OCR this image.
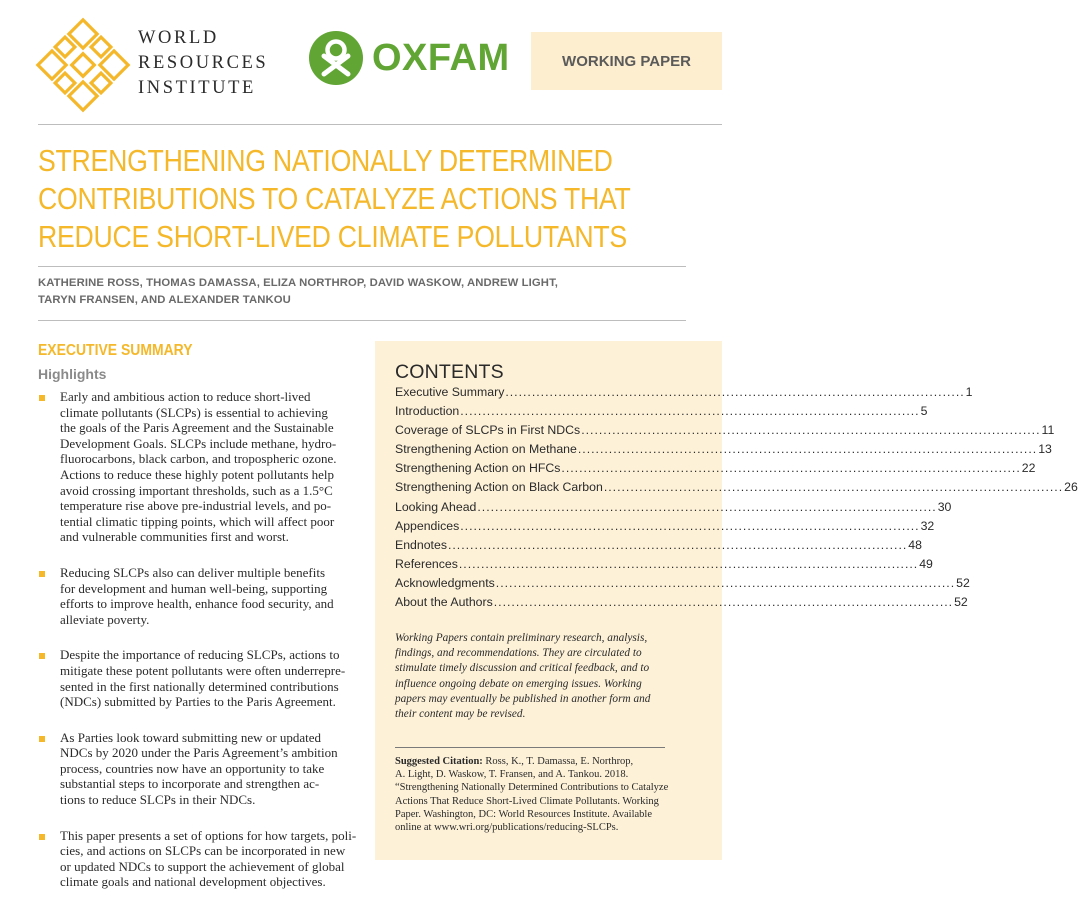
WORLD
RESOURCES
INSTITUTE
OXFAM	WORKING PAPER
STRENGTHENING NATIONALLY DETERMINED
CONTRIBUTIONS TO CATALYZE ACTIONS THAT
REDUCE SHORT-LIVED CLIMATE POLLUTANTS
KATHERINE ROSS, THOMAS DAMASSA, ELIZA NORTHROP, DAVID WASKOW, ANDREW LIGHT,
TARYN FRANSEN, AND ALEXANDER TANKOU
EXECUTIVE SUMMARY
Highlights
Early and ambitious action to reduce short-lived
climate pollutants (SLCPs) is essential to achieving
the goals of the Paris Agreement and the Sustainable
Development Goals. SLCPs include methane, hydro-
fluorocarbons, black carbon, and tropospheric ozone.
Actions to reduce these highly potent pollutants help
avoid crossing important thresholds, such as a 1.5°C
temperature rise above pre-industrial levels, and po-
tential climatic tipping points, which will affect poor
and vulnerable communities first and worst.
Reducing SLCPs also can deliver multiple benefits
for development and human well-being, supporting
efforts to improve health, enhance food security, and
alleviate poverty.
Despite the importance of reducing SLCPs, actions to
mitigate these potent pollutants were often underrepre-
sented in the first nationally determined contributions
(NDCs) submitted by Parties to the Paris Agreement.
As Parties look toward submitting new or updated
NDCs by 2020 under the Paris Agreement’s ambition
process, countries now have an opportunity to take
substantial steps to incorporate and strengthen ac-
tions to reduce SLCPs in their NDCs.
This paper presents a set of options for how targets, poli-
cies, and actions on SLCPs can be incorporated in new
or updated NDCs to support the achievement of global
climate goals and national development objectives.
CONTENTS
Executive Summary .....	1
Introduction .....	5
Coverage of SLCPs in First NDCs .....	11
Strengthening Action on Methane .....	13
Strengthening Action on HFCs .....	22
Strengthening Action on Black Carbon .....	26
Looking Ahead .....	30
Appendices .....	32
Endnotes .....	48
References .....	49
Acknowledgments .....	52
About the Authors .....	52
Working Papers contain preliminary research, analysis,
findings, and recommendations. They are circulated to
stimulate timely discussion and critical feedback, and to
influence ongoing debate on emerging issues. Working
papers may eventually be published in another form and
their content may be revised.
Suggested Citation: Ross, K., T. Damassa, E. Northrop,
A. Light, D. Waskow, T. Fransen, and A. Tankou. 2018.
“Strengthening Nationally Determined Contributions to Catalyze
Actions That Reduce Short-Lived Climate Pollutants. Working
Paper. Washington, DC: World Resources Institute. Available
online at www.wri.org/publications/reducing-SLCPs.
